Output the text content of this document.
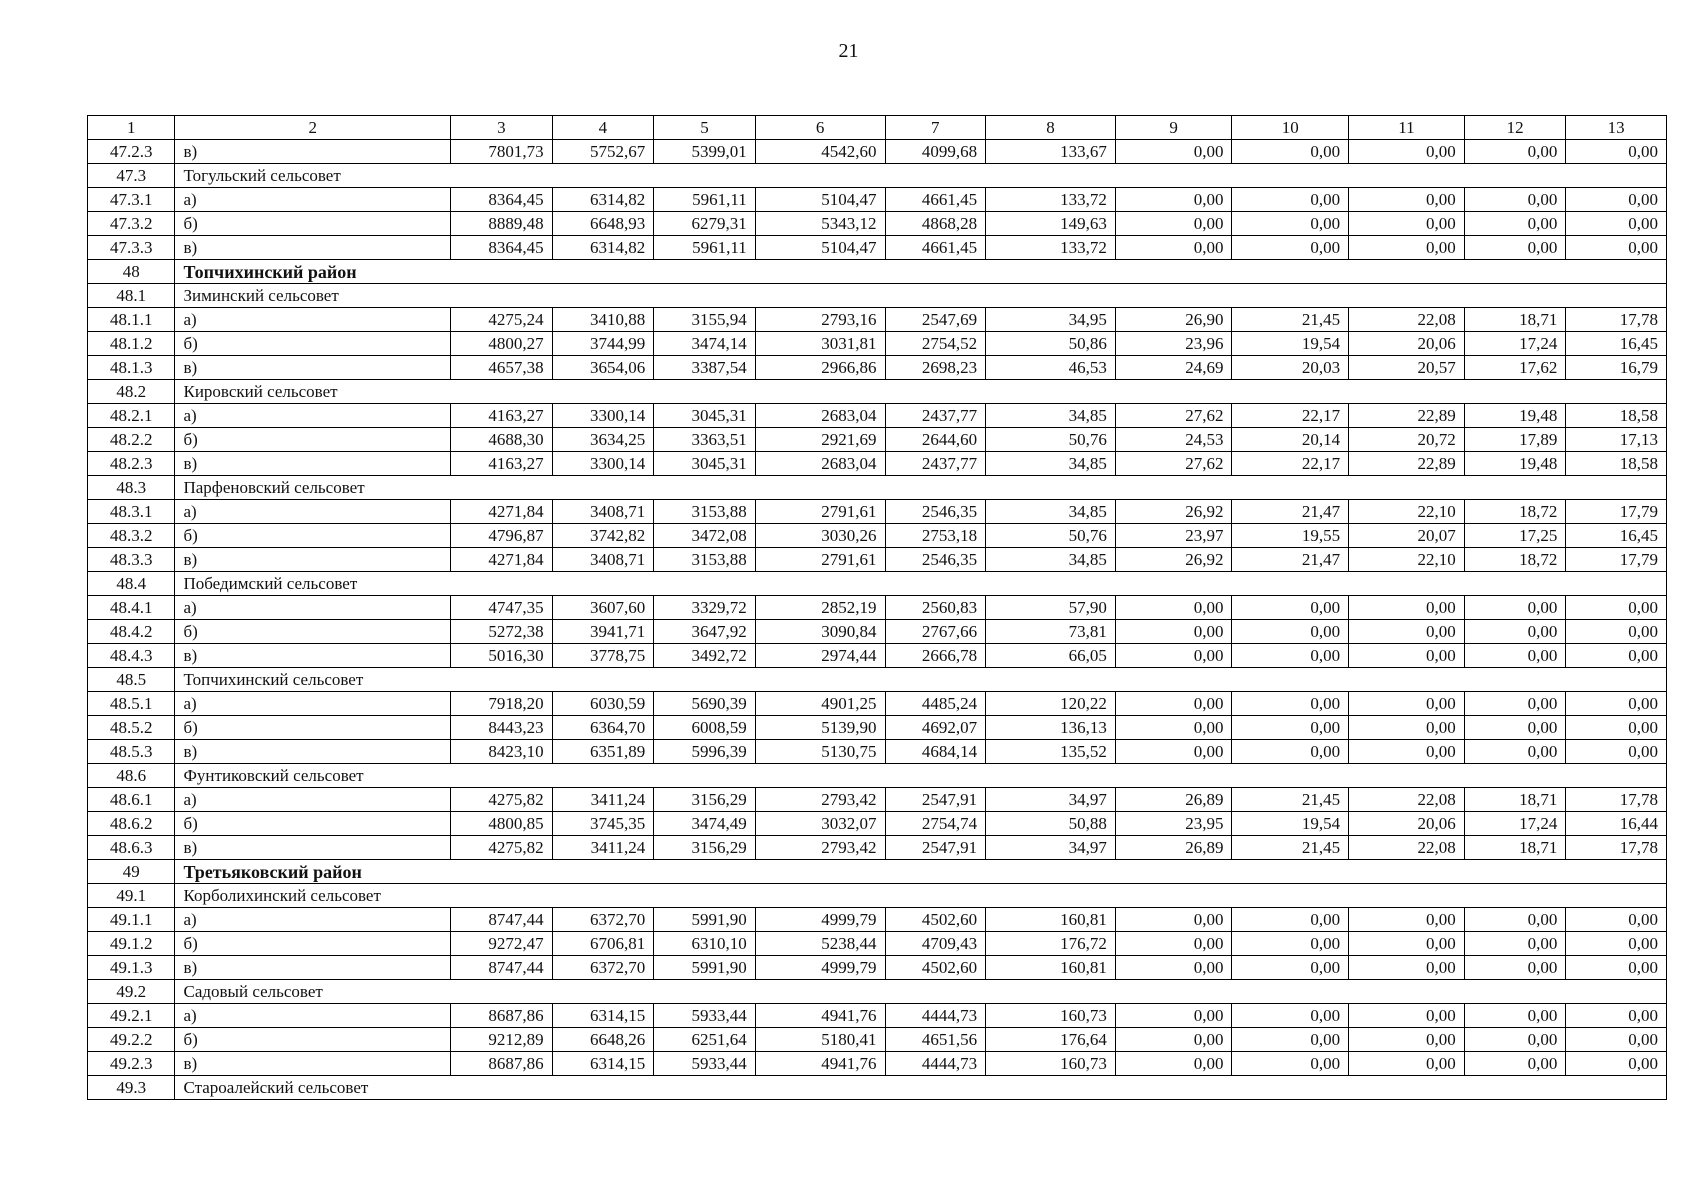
21
1	2	3	4	5	6	7	8	9	10	11	12	13
47.2.3	в)	7801,73	5752,67	5399,01	4542,60	4099,68	133,67	0,00	0,00	0,00	0,00	0,00
47.3	Тогульский сельсовет											
47.3.1	а)	8364,45	6314,82	5961,11	5104,47	4661,45	133,72	0,00	0,00	0,00	0,00	0,00
47.3.2	б)	8889,48	6648,93	6279,31	5343,12	4868,28	149,63	0,00	0,00	0,00	0,00	0,00
47.3.3	в)	8364,45	6314,82	5961,11	5104,47	4661,45	133,72	0,00	0,00	0,00	0,00	0,00
48	Топчихинский район											
48.1	Зиминский сельсовет											
48.1.1	а)	4275,24	3410,88	3155,94	2793,16	2547,69	34,95	26,90	21,45	22,08	18,71	17,78
48.1.2	б)	4800,27	3744,99	3474,14	3031,81	2754,52	50,86	23,96	19,54	20,06	17,24	16,45
48.1.3	в)	4657,38	3654,06	3387,54	2966,86	2698,23	46,53	24,69	20,03	20,57	17,62	16,79
48.2	Кировский сельсовет											
48.2.1	а)	4163,27	3300,14	3045,31	2683,04	2437,77	34,85	27,62	22,17	22,89	19,48	18,58
48.2.2	б)	4688,30	3634,25	3363,51	2921,69	2644,60	50,76	24,53	20,14	20,72	17,89	17,13
48.2.3	в)	4163,27	3300,14	3045,31	2683,04	2437,77	34,85	27,62	22,17	22,89	19,48	18,58
48.3	Парфеновский сельсовет											
48.3.1	а)	4271,84	3408,71	3153,88	2791,61	2546,35	34,85	26,92	21,47	22,10	18,72	17,79
48.3.2	б)	4796,87	3742,82	3472,08	3030,26	2753,18	50,76	23,97	19,55	20,07	17,25	16,45
48.3.3	в)	4271,84	3408,71	3153,88	2791,61	2546,35	34,85	26,92	21,47	22,10	18,72	17,79
48.4	Победимский сельсовет											
48.4.1	а)	4747,35	3607,60	3329,72	2852,19	2560,83	57,90	0,00	0,00	0,00	0,00	0,00
48.4.2	б)	5272,38	3941,71	3647,92	3090,84	2767,66	73,81	0,00	0,00	0,00	0,00	0,00
48.4.3	в)	5016,30	3778,75	3492,72	2974,44	2666,78	66,05	0,00	0,00	0,00	0,00	0,00
48.5	Топчихинский сельсовет											
48.5.1	а)	7918,20	6030,59	5690,39	4901,25	4485,24	120,22	0,00	0,00	0,00	0,00	0,00
48.5.2	б)	8443,23	6364,70	6008,59	5139,90	4692,07	136,13	0,00	0,00	0,00	0,00	0,00
48.5.3	в)	8423,10	6351,89	5996,39	5130,75	4684,14	135,52	0,00	0,00	0,00	0,00	0,00
48.6	Фунтиковский сельсовет											
48.6.1	а)	4275,82	3411,24	3156,29	2793,42	2547,91	34,97	26,89	21,45	22,08	18,71	17,78
48.6.2	б)	4800,85	3745,35	3474,49	3032,07	2754,74	50,88	23,95	19,54	20,06	17,24	16,44
48.6.3	в)	4275,82	3411,24	3156,29	2793,42	2547,91	34,97	26,89	21,45	22,08	18,71	17,78
49	Третьяковский район											
49.1	Корболихинский сельсовет											
49.1.1	а)	8747,44	6372,70	5991,90	4999,79	4502,60	160,81	0,00	0,00	0,00	0,00	0,00
49.1.2	б)	9272,47	6706,81	6310,10	5238,44	4709,43	176,72	0,00	0,00	0,00	0,00	0,00
49.1.3	в)	8747,44	6372,70	5991,90	4999,79	4502,60	160,81	0,00	0,00	0,00	0,00	0,00
49.2	Садовый сельсовет											
49.2.1	а)	8687,86	6314,15	5933,44	4941,76	4444,73	160,73	0,00	0,00	0,00	0,00	0,00
49.2.2	б)	9212,89	6648,26	6251,64	5180,41	4651,56	176,64	0,00	0,00	0,00	0,00	0,00
49.2.3	в)	8687,86	6314,15	5933,44	4941,76	4444,73	160,73	0,00	0,00	0,00	0,00	0,00
49.3	Староалейский сельсовет											
